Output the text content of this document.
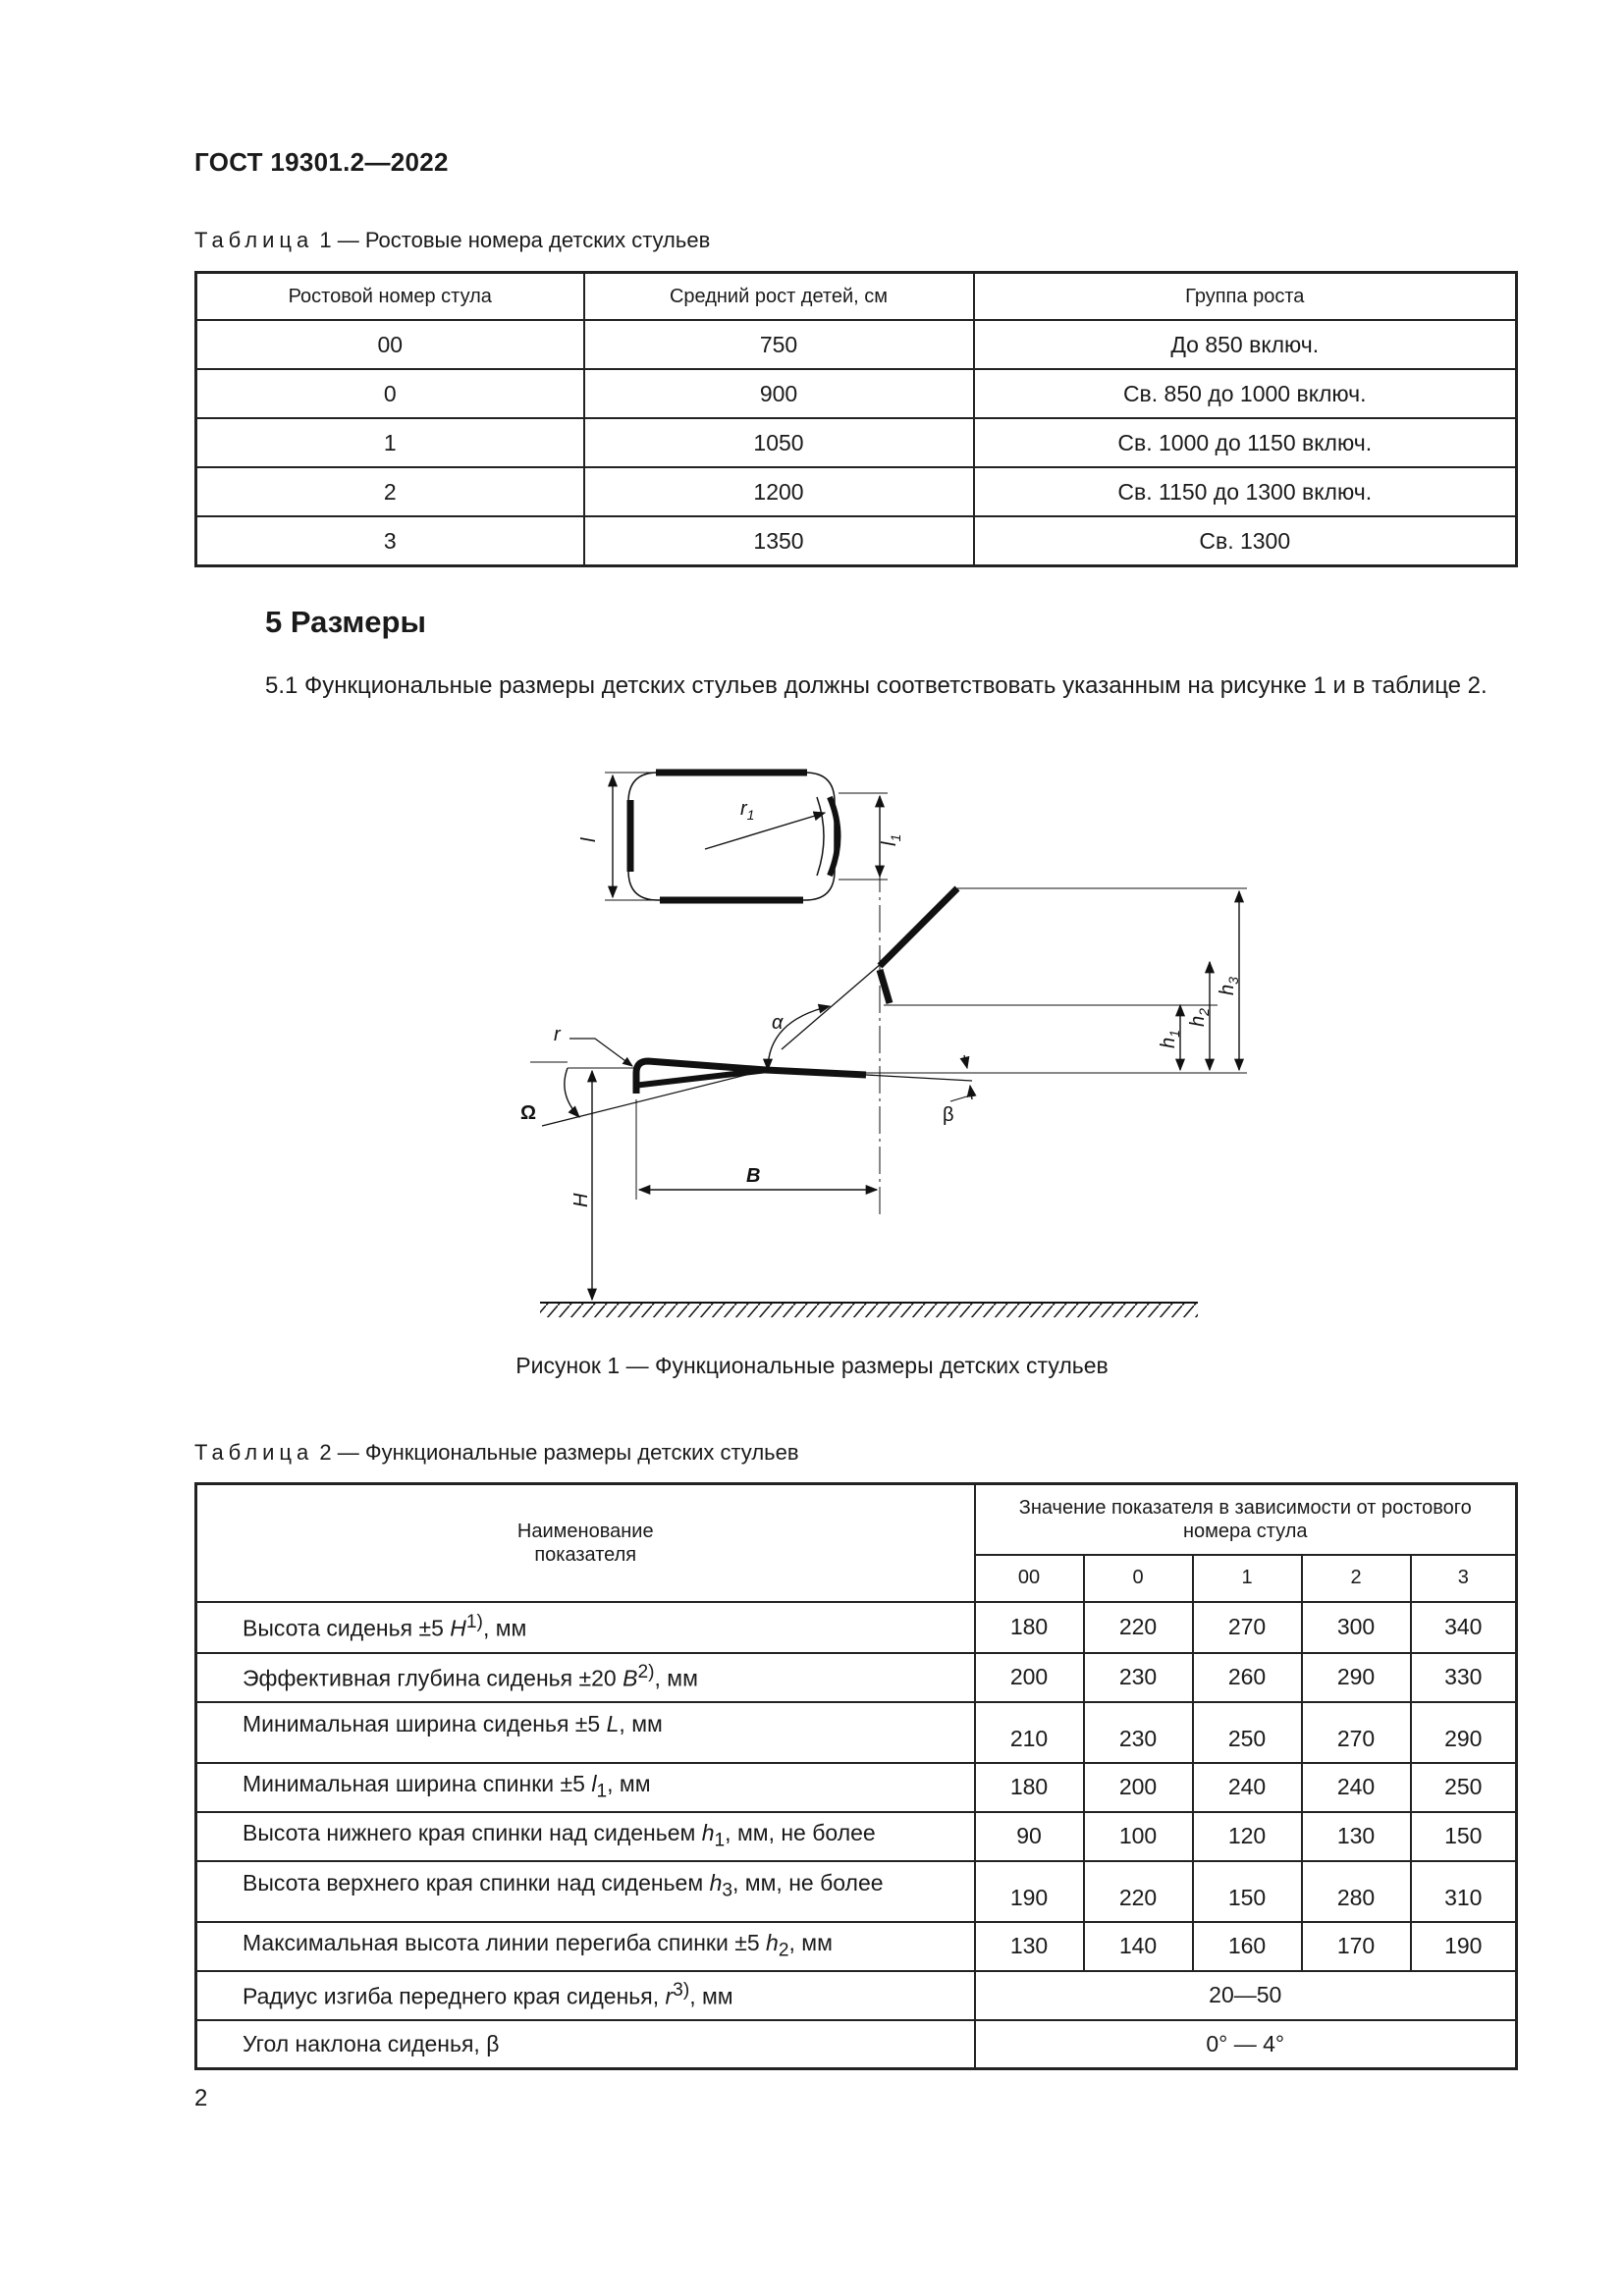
ГОСТ 19301.2—2022
Таблица 1 — Ростовые номера детских стульев
Ростовой номер стула	Средний рост детей, см	Группа роста
00	750	До 850 включ.
0	900	Св. 850 до 1000 включ.
1	1050	Св. 1000 до 1150 включ.
2	1200	Св. 1150 до 1300 включ.
3	1350	Св. 1300
5 Размеры
5.1 Функциональные размеры детских стульев должны соответствовать указанным на рисунке 1 и в таблице 2.
l
$l_1$
$r_1$
r
α
Ω	β
B
H
$h_1$
$h_2$
$h_3$
Рисунок 1 — Функциональные размеры детских стульев
Таблица 2 — Функциональные размеры детских стульев
Наименование показателя	Значение показателя в зависимости от ростового номера стула				
	00	0	1	2	3
Высота сиденья ±5 $H^{1)}$, мм	180	220	270	300	340
Эффективная глубина сиденья ±20 $B^{2)}$, мм	200	230	260	290	330
Минимальная ширина сиденья ±5 L, мм	210	230	250	270	290
Минимальная ширина спинки ±5 $l_1$, мм	180	200	240	240	250
Высота нижнего края спинки над сиденьем $h_1$, мм, не более	90	100	120	130	150
Высота верхнего края спинки над сиденьем $h_3$, мм, не более	190	220	150	280	310
Максимальная высота линии перегиба спинки ±5 $h_2$, мм	130	140	160	170	190
Радиус изгиба переднего края сиденья, $r^{3)}$, мм	20—50				
Угол наклона сиденья, β	0° — 4°				
2
